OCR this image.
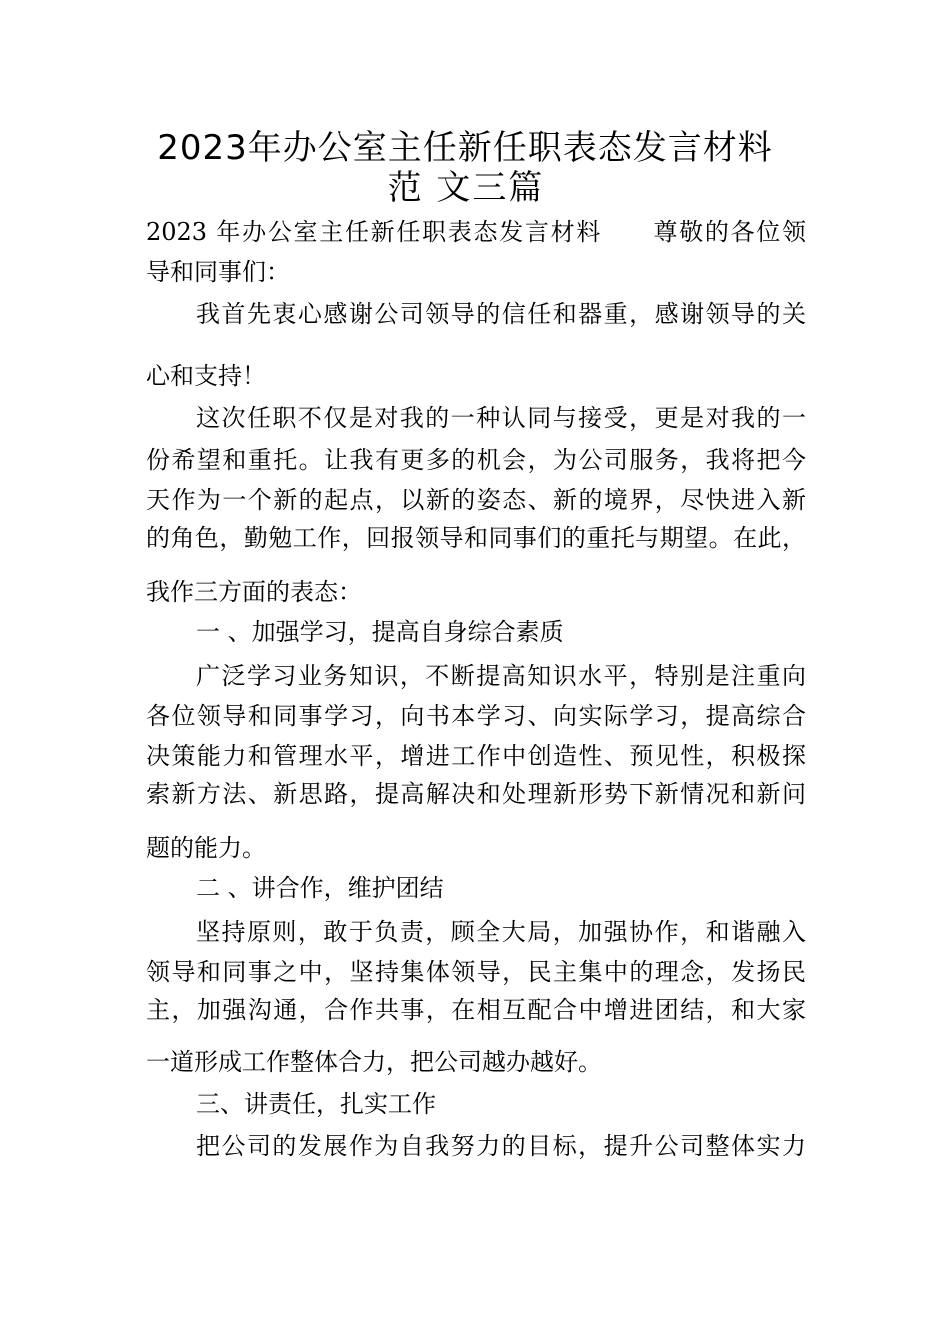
2023年办公室主任新任职表态发言材料
范 文三篇
2023 年办公室主任新任职表态发言材料　　尊敬的各位领
导和同事们：
我首先衷心感谢公司领导的信任和器重，感谢领导的关
心和支持！
这次任职不仅是对我的一种认同与接受，更是对我的一
份希望和重托。让我有更多的机会，为公司服务，我将把今
天作为一个新的起点，以新的姿态、新的境界，尽快进入新
的角色，勤勉工作，回报领导和同事们的重托与期望。在此，
我作三方面的表态：
一 、加强学习，提高自身综合素质
广泛学习业务知识，不断提高知识水平，特别是注重向
各位领导和同事学习，向书本学习、向实际学习，提高综合
决策能力和管理水平，增进工作中创造性、预见性，积极探
索新方法、新思路，提高解决和处理新形势下新情况和新问
题的能力。
二 、讲合作，维护团结
坚持原则，敢于负责，顾全大局，加强协作，和谐融入
领导和同事之中，坚持集体领导，民主集中的理念，发扬民
主，加强沟通，合作共事，在相互配合中增进团结，和大家
一道形成工作整体合力，把公司越办越好。
三、讲责任，扎实工作
把公司的发展作为自我努力的目标，提升公司整体实力
